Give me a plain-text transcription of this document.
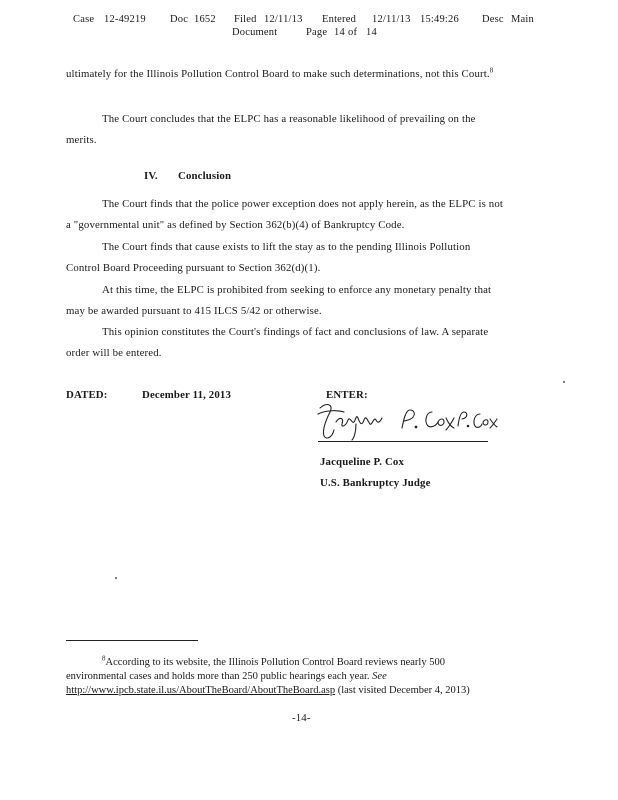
Case 12-49219 Doc 1652 Filed 12/11/13 Entered 12/11/13 15:49:26 Desc Main
Document	Page 14 of 14
ultimately for the Illinois Pollution Control Board to make such determinations, not this Court.$^8$
The Court concludes that the ELPC has a reasonable likelihood of prevailing on the
merits.
IV. Conclusion
The Court finds that the police power exception does not apply herein, as the ELPC is not
a "governmental unit" as defined by Section 362(b)(4) of Bankruptcy Code.
The Court finds that cause exists to lift the stay as to the pending Illinois Pollution
Control Board Proceeding pursuant to Section 362(d)(1).
At this time, the ELPC is prohibited from seeking to enforce any monetary penalty that
may be awarded pursuant to 415 ILCS 5/42 or otherwise.
This opinion constitutes the Court's findings of fact and conclusions of law. A separate
order will be entered.
DATED:	December 11, 2013	ENTER:
Jacqueline P. Cox
U.S. Bankruptcy Judge
$^8$According to its website, the Illinois Pollution Control Board reviews nearly 500
environmental cases and holds more than 250 public hearings each year. See
http://www.ipcb.state.il.us/AboutTheBoard/AboutTheBoard.asp (last visited December 4, 2013)
-14-
